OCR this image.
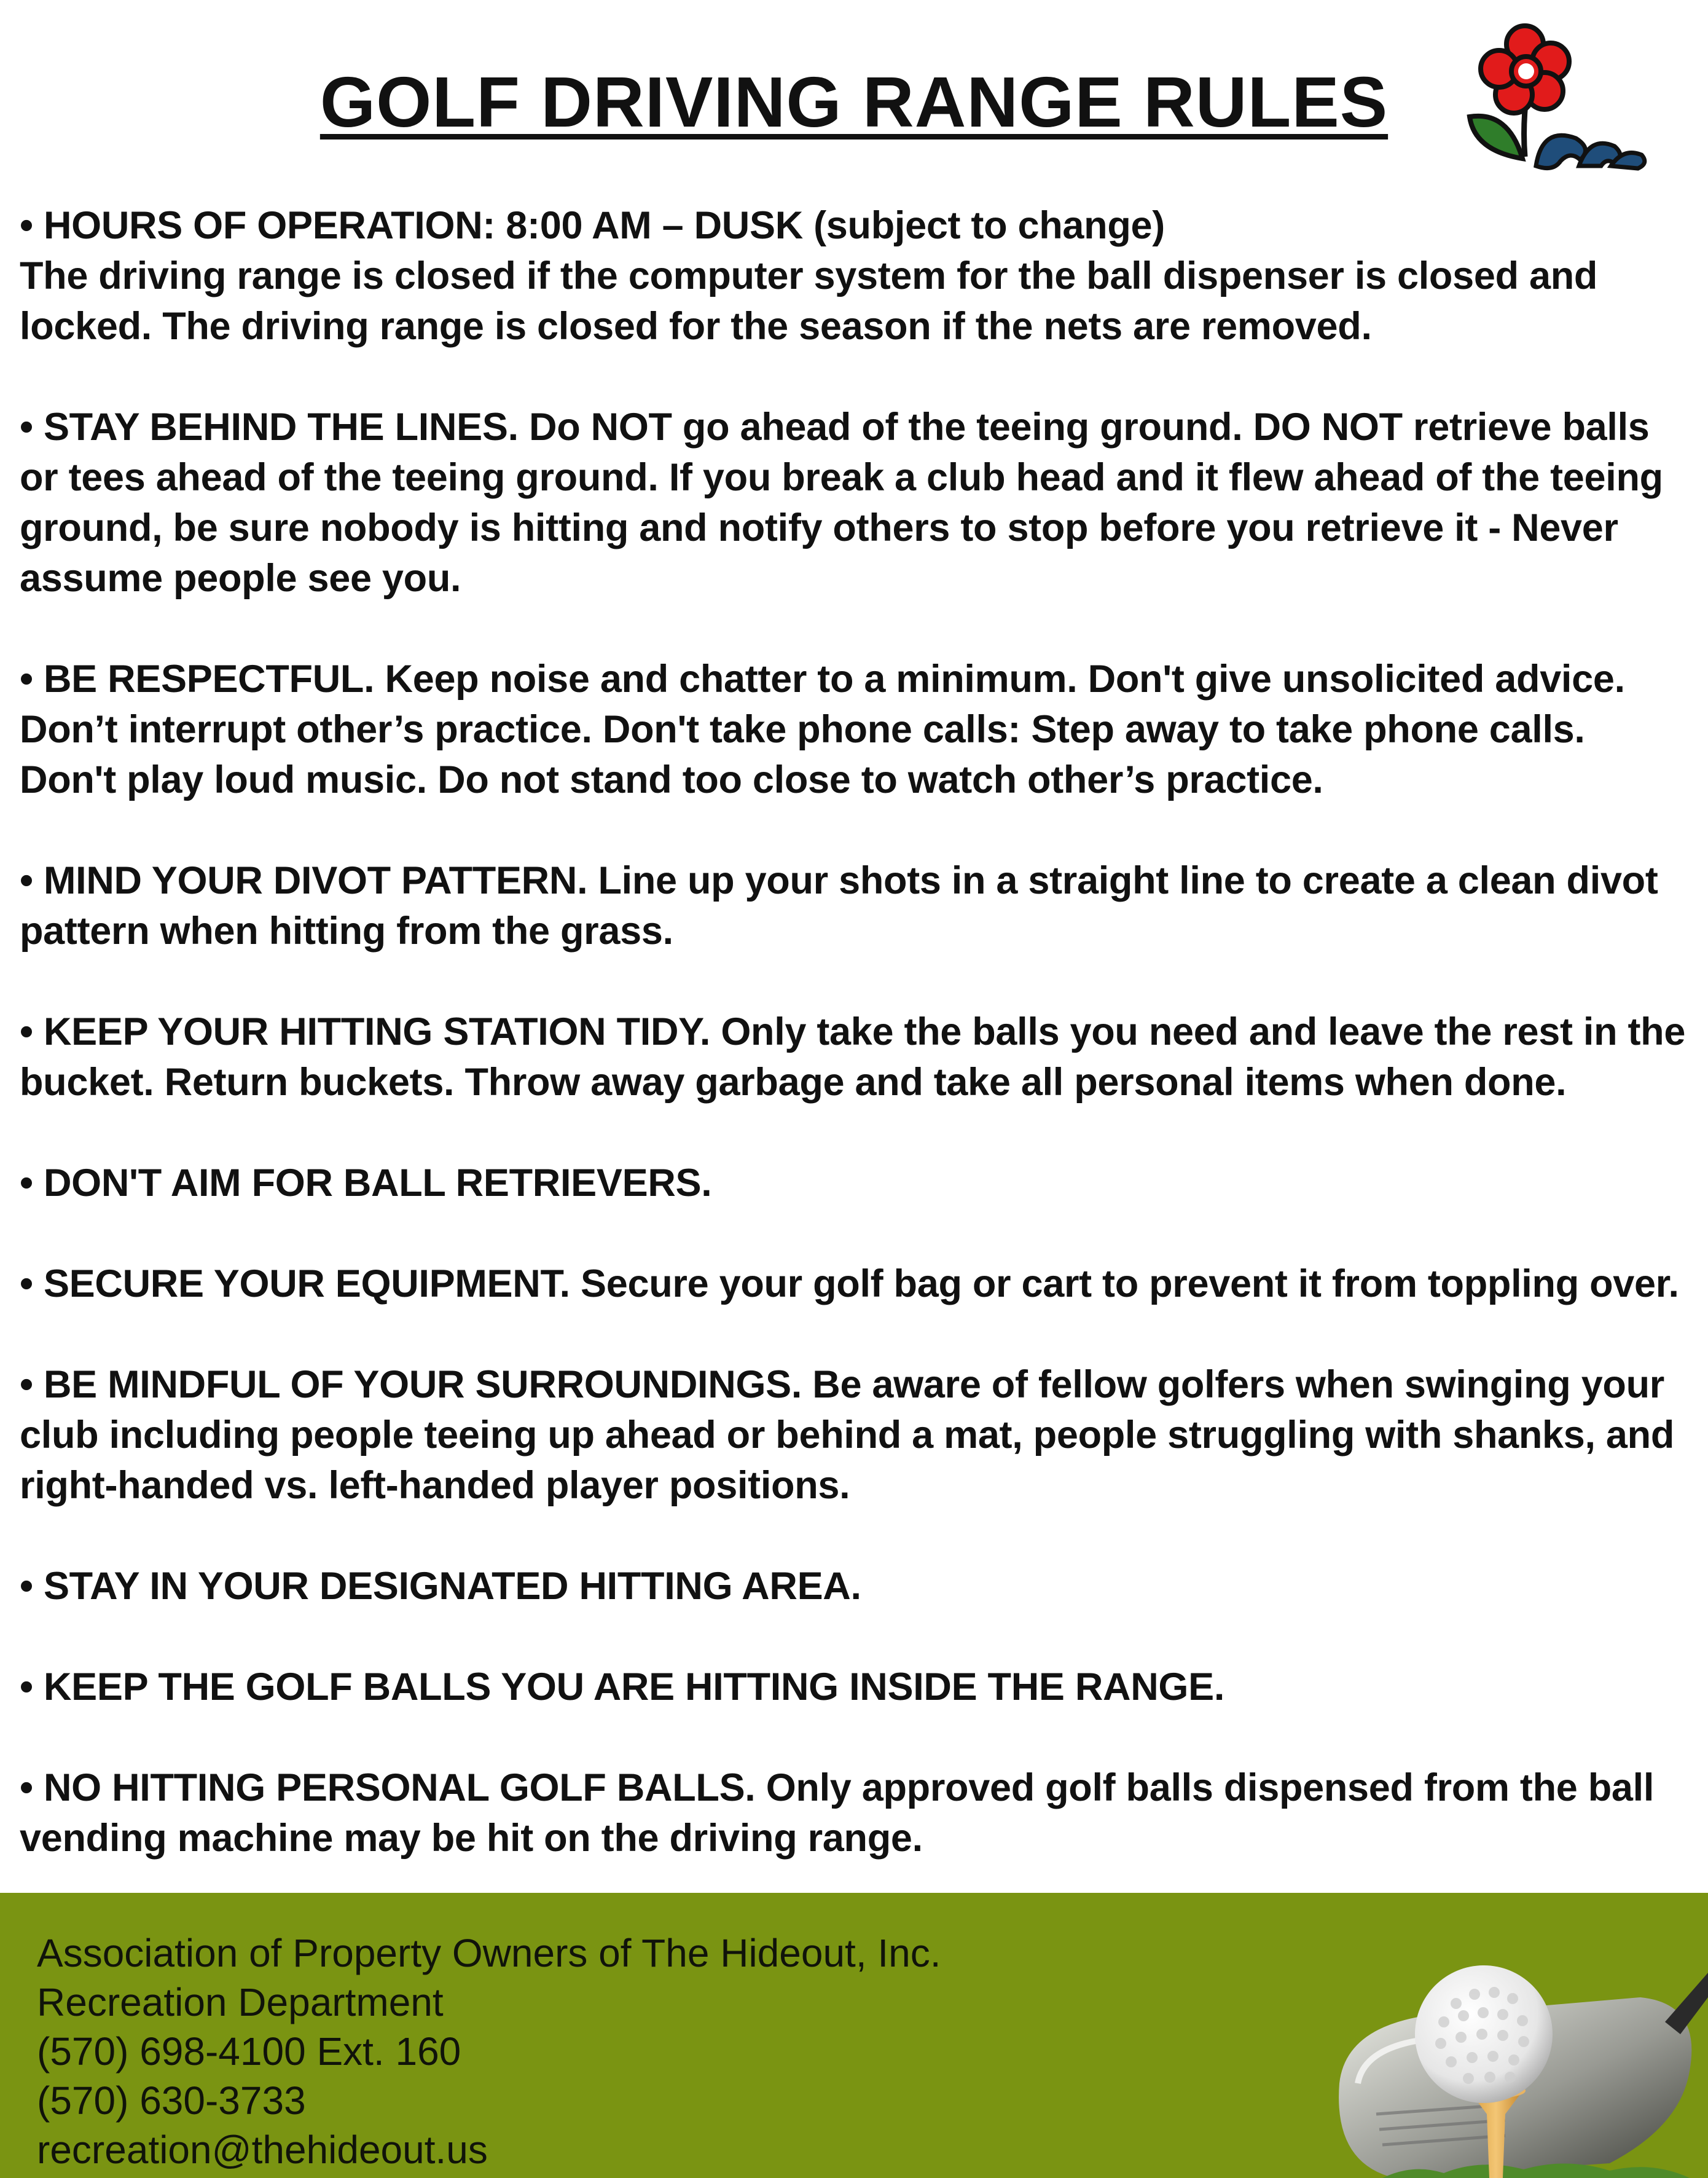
GOLF DRIVING RANGE RULES
• HOURS OF OPERATION: 8:00 AM – DUSK (subject to change)
The driving range is closed if the computer system for the ball dispenser is closed and locked. The driving range is closed for the season if the nets are removed.
• STAY BEHIND THE LINES. Do NOT go ahead of the teeing ground. DO NOT retrieve balls or tees ahead of the teeing ground. If you break a club head and it flew ahead of the teeing ground, be sure nobody is hitting and notify others to stop before you retrieve it - Never assume people see you.
• BE RESPECTFUL. Keep noise and chatter to a minimum. Don't give unsolicited advice. Don’t interrupt other’s practice. Don't take phone calls: Step away to take phone calls. Don't play loud music. Do not stand too close to watch other’s practice.
• MIND YOUR DIVOT PATTERN. Line up your shots in a straight line to create a clean divot pattern when hitting from the grass.
• KEEP YOUR HITTING STATION TIDY. Only take the balls you need and leave the rest in the bucket. Return buckets. Throw away garbage and take all personal items when done.
• DON'T AIM FOR BALL RETRIEVERS.
• SECURE YOUR EQUIPMENT. Secure your golf bag or cart to prevent it from toppling over.
• BE MINDFUL OF YOUR SURROUNDINGS. Be aware of fellow golfers when swinging your club including people teeing up ahead or behind a mat, people struggling with shanks, and right-handed vs. left-handed player positions.
• STAY IN YOUR DESIGNATED HITTING AREA.
• KEEP THE GOLF BALLS YOU ARE HITTING INSIDE THE RANGE.
• NO HITTING PERSONAL GOLF BALLS. Only approved golf balls dispensed from the ball vending machine may be hit on the driving range.
Association of Property Owners of The Hideout, Inc.
Recreation Department
(570) 698-4100 Ext. 160
(570) 630-3733
recreation@thehideout.us
